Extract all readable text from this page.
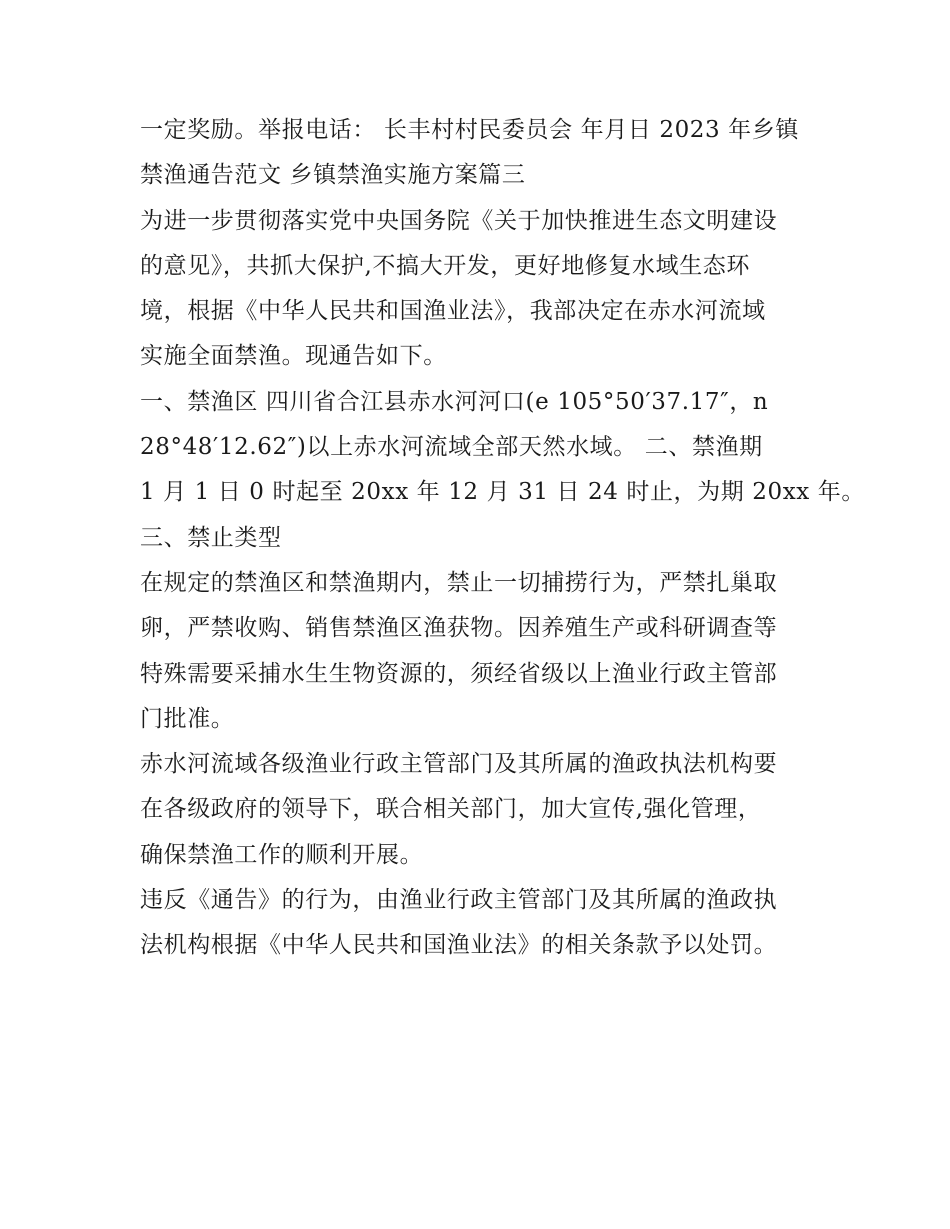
一定奖励。举报电话： 长丰村村民委员会 年月日 2023 年乡镇
禁渔通告范文 乡镇禁渔实施方案篇三
为进一步贯彻落实党中央国务院《关于加快推进生态文明建设
的意见》，共抓大保护,不搞大开发，更好地修复水域生态环
境，根据《中华人民共和国渔业法》，我部决定在赤水河流域
实施全面禁渔。现通告如下。
一、禁渔区 四川省合江县赤水河河口(e 105°50′37.17″，n
28°48′12.62″)以上赤水河流域全部天然水域。 二、禁渔期
1 月 1 日 0 时起至 20xx 年 12 月 31 日 24 时止，为期 20xx 年。
三、禁止类型
在规定的禁渔区和禁渔期内，禁止一切捕捞行为，严禁扎巢取
卵，严禁收购、销售禁渔区渔获物。因养殖生产或科研调查等
特殊需要采捕水生生物资源的，须经省级以上渔业行政主管部
门批准。
赤水河流域各级渔业行政主管部门及其所属的渔政执法机构要
在各级政府的领导下，联合相关部门，加大宣传,强化管理，
确保禁渔工作的顺利开展。
违反《通告》的行为，由渔业行政主管部门及其所属的渔政执
法机构根据《中华人民共和国渔业法》的相关条款予以处罚。
